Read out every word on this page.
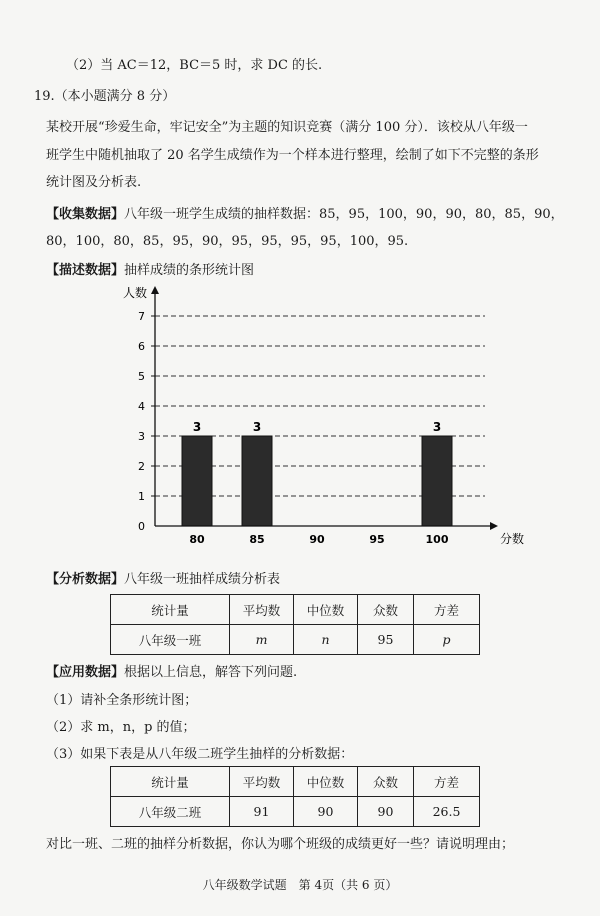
（2）当 AC＝12，BC＝5 时，求 DC 的长.
19.（本小题满分 8 分）
某校开展“珍爱生命，牢记安全”为主题的知识竞赛（满分 100 分）．该校从八年级一
班学生中随机抽取了 20 名学生成绩作为一个样本进行整理，绘制了如下不完整的条形
统计图及分析表.
【收集数据】八年级一班学生成绩的抽样数据：85，95，100，90，90，80，85，90，
80，100，80，85，95，90，95，95，95，95，100，95.
【描述数据】抽样成绩的条形统计图
3	3	3
0
1
2
3
4
5
6
7
80	85	90	95	100
人数
分数
【分析数据】八年级一班抽样成绩分析表
统计量	平均数	中位数	众数	方差
八年级一班	m	n	95	p
【应用数据】根据以上信息，解答下列问题.
（1）请补全条形统计图；
（2）求 m，n，p 的值；
（3）如果下表是从八年级二班学生抽样的分析数据：
统计量	平均数	中位数	众数	方差
八年级二班	91	90	90	26.5
对比一班、二班的抽样分析数据，你认为哪个班级的成绩更好一些？请说明理由；
八年级数学试题　第 4页（共 6 页）
